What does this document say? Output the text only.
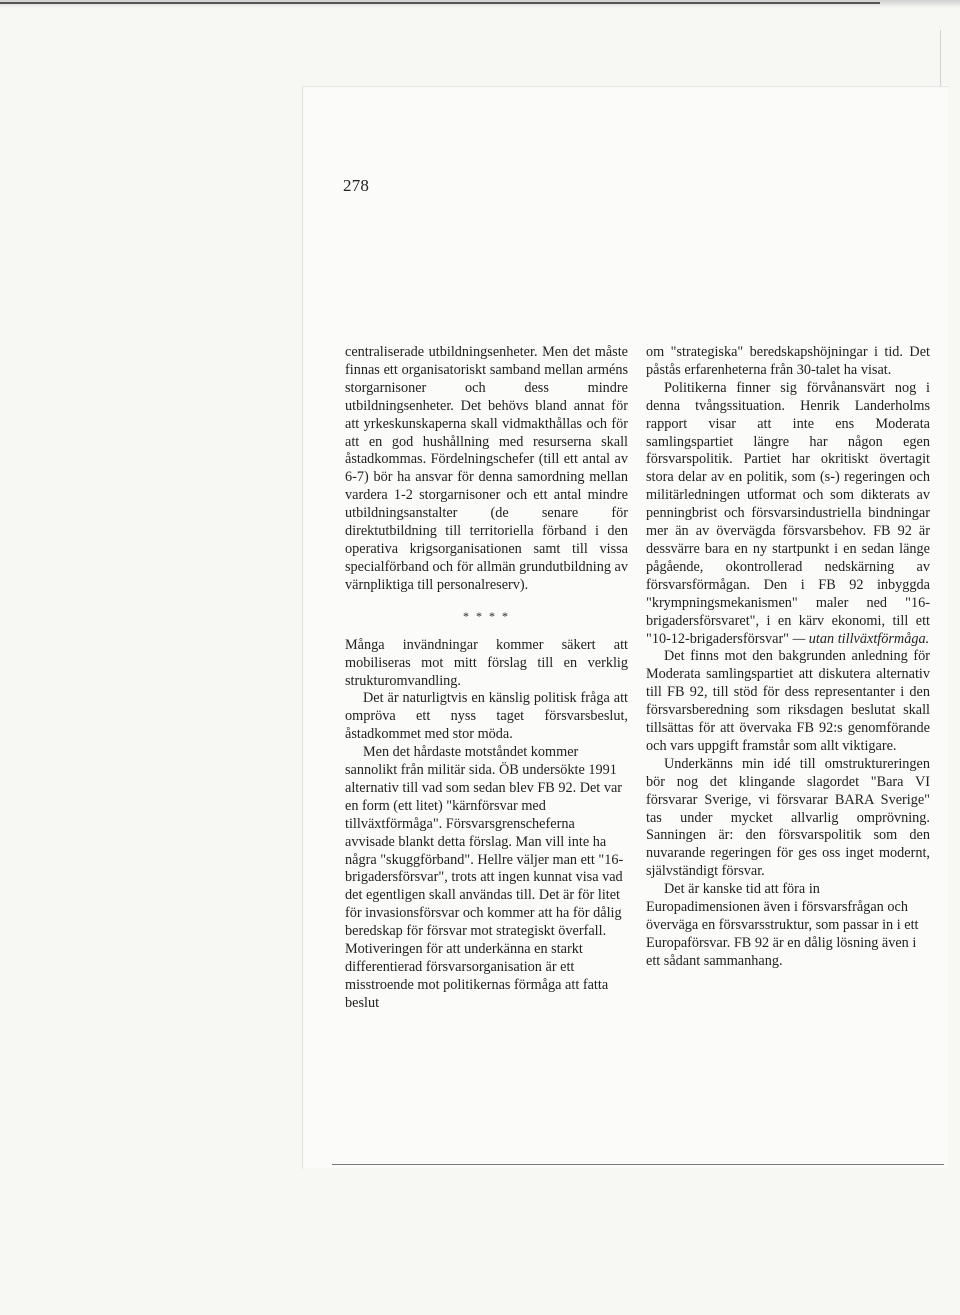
278

centraliserade utbildningsenheter. Men det måste finnas ett organisatoriskt samband mellan arméns storgarnisoner och dess mindre utbildningsenheter. Det behövs bland annat för att yrkeskunskaperna skall vidmakthållas och för att en god hushållning med resurserna skall åstadkommas. Fördelningschefer (till ett antal av 6-7) bör ha ansvar för denna samordning mellan vardera 1-2 storgarnisoner och ett antal mindre utbildningsanstalter (de senare för direktutbildning till territoriella förband i den operativa krigsorganisationen samt till vissa specialförband och för allmän grundutbildning av värnpliktiga till personalreserv).

* * * *

Många invändningar kommer säkert att mobiliseras mot mitt förslag till en verklig strukturomvandling.

Det är naturligtvis en känslig politisk fråga att ompröva ett nyss taget försvarsbeslut, åstadkommet med stor möda.

Men det hårdaste motståndet kommer sannolikt från militär sida. ÖB undersökte 1991 alternativ till vad som sedan blev FB 92. Det var en form (ett litet) "kärnförsvar med tillväxtförmåga". Försvarsgrenscheferna avvisade blankt detta förslag. Man vill inte ha några "skuggförband". Hellre väljer man ett "16-brigadersförsvar", trots att ingen kunnat visa vad det egentligen skall användas till. Det är för litet för invasionsförsvar och kommer att ha för dålig beredskap för försvar mot strategiskt överfall. Motiveringen för att underkänna en starkt differentierad försvarsorganisation är ett misstroende mot politikernas förmåga att fatta beslut

om "strategiska" beredskapshöjningar i tid. Det påstås erfarenheterna från 30-talet ha visat.

Politikerna finner sig förvånansvärt nog i denna tvångssituation. Henrik Landerholms rapport visar att inte ens Moderata samlingspartiet längre har någon egen försvarspolitik. Partiet har okritiskt övertagit stora delar av en politik, som (s-) regeringen och militärledningen utformat och som dikterats av penningbrist och försvarsindustriella bindningar mer än av övervägda försvarsbehov. FB 92 är dessvärre bara en ny startpunkt i en sedan länge pågående, okontrollerad nedskärning av försvarsförmågan. Den i FB 92 inbyggda "krympningsmekanismen" maler ned "16-brigadersförsvaret", i en kärv ekonomi, till ett "10-12-brigadersförsvar" — utan tillväxtförmåga.

Det finns mot den bakgrunden anledning för Moderata samlingspartiet att diskutera alternativ till FB 92, till stöd för dess representanter i den försvarsberedning som riksdagen beslutat skall tillsättas för att övervaka FB 92:s genomförande och vars uppgift framstår som allt viktigare.

Underkänns min idé till omstruktureringen bör nog det klingande slagordet "Bara VI försvarar Sverige, vi försvarar BARA Sverige" tas under mycket allvarlig omprövning. Sanningen är: den försvarspolitik som den nuvarande regeringen för ges oss inget modernt, självständigt försvar.

Det är kanske tid att föra in Europadimensionen även i försvarsfrågan och överväga en försvarsstruktur, som passar in i ett Europaförsvar. FB 92 är en dålig lösning även i ett sådant sammanhang.
